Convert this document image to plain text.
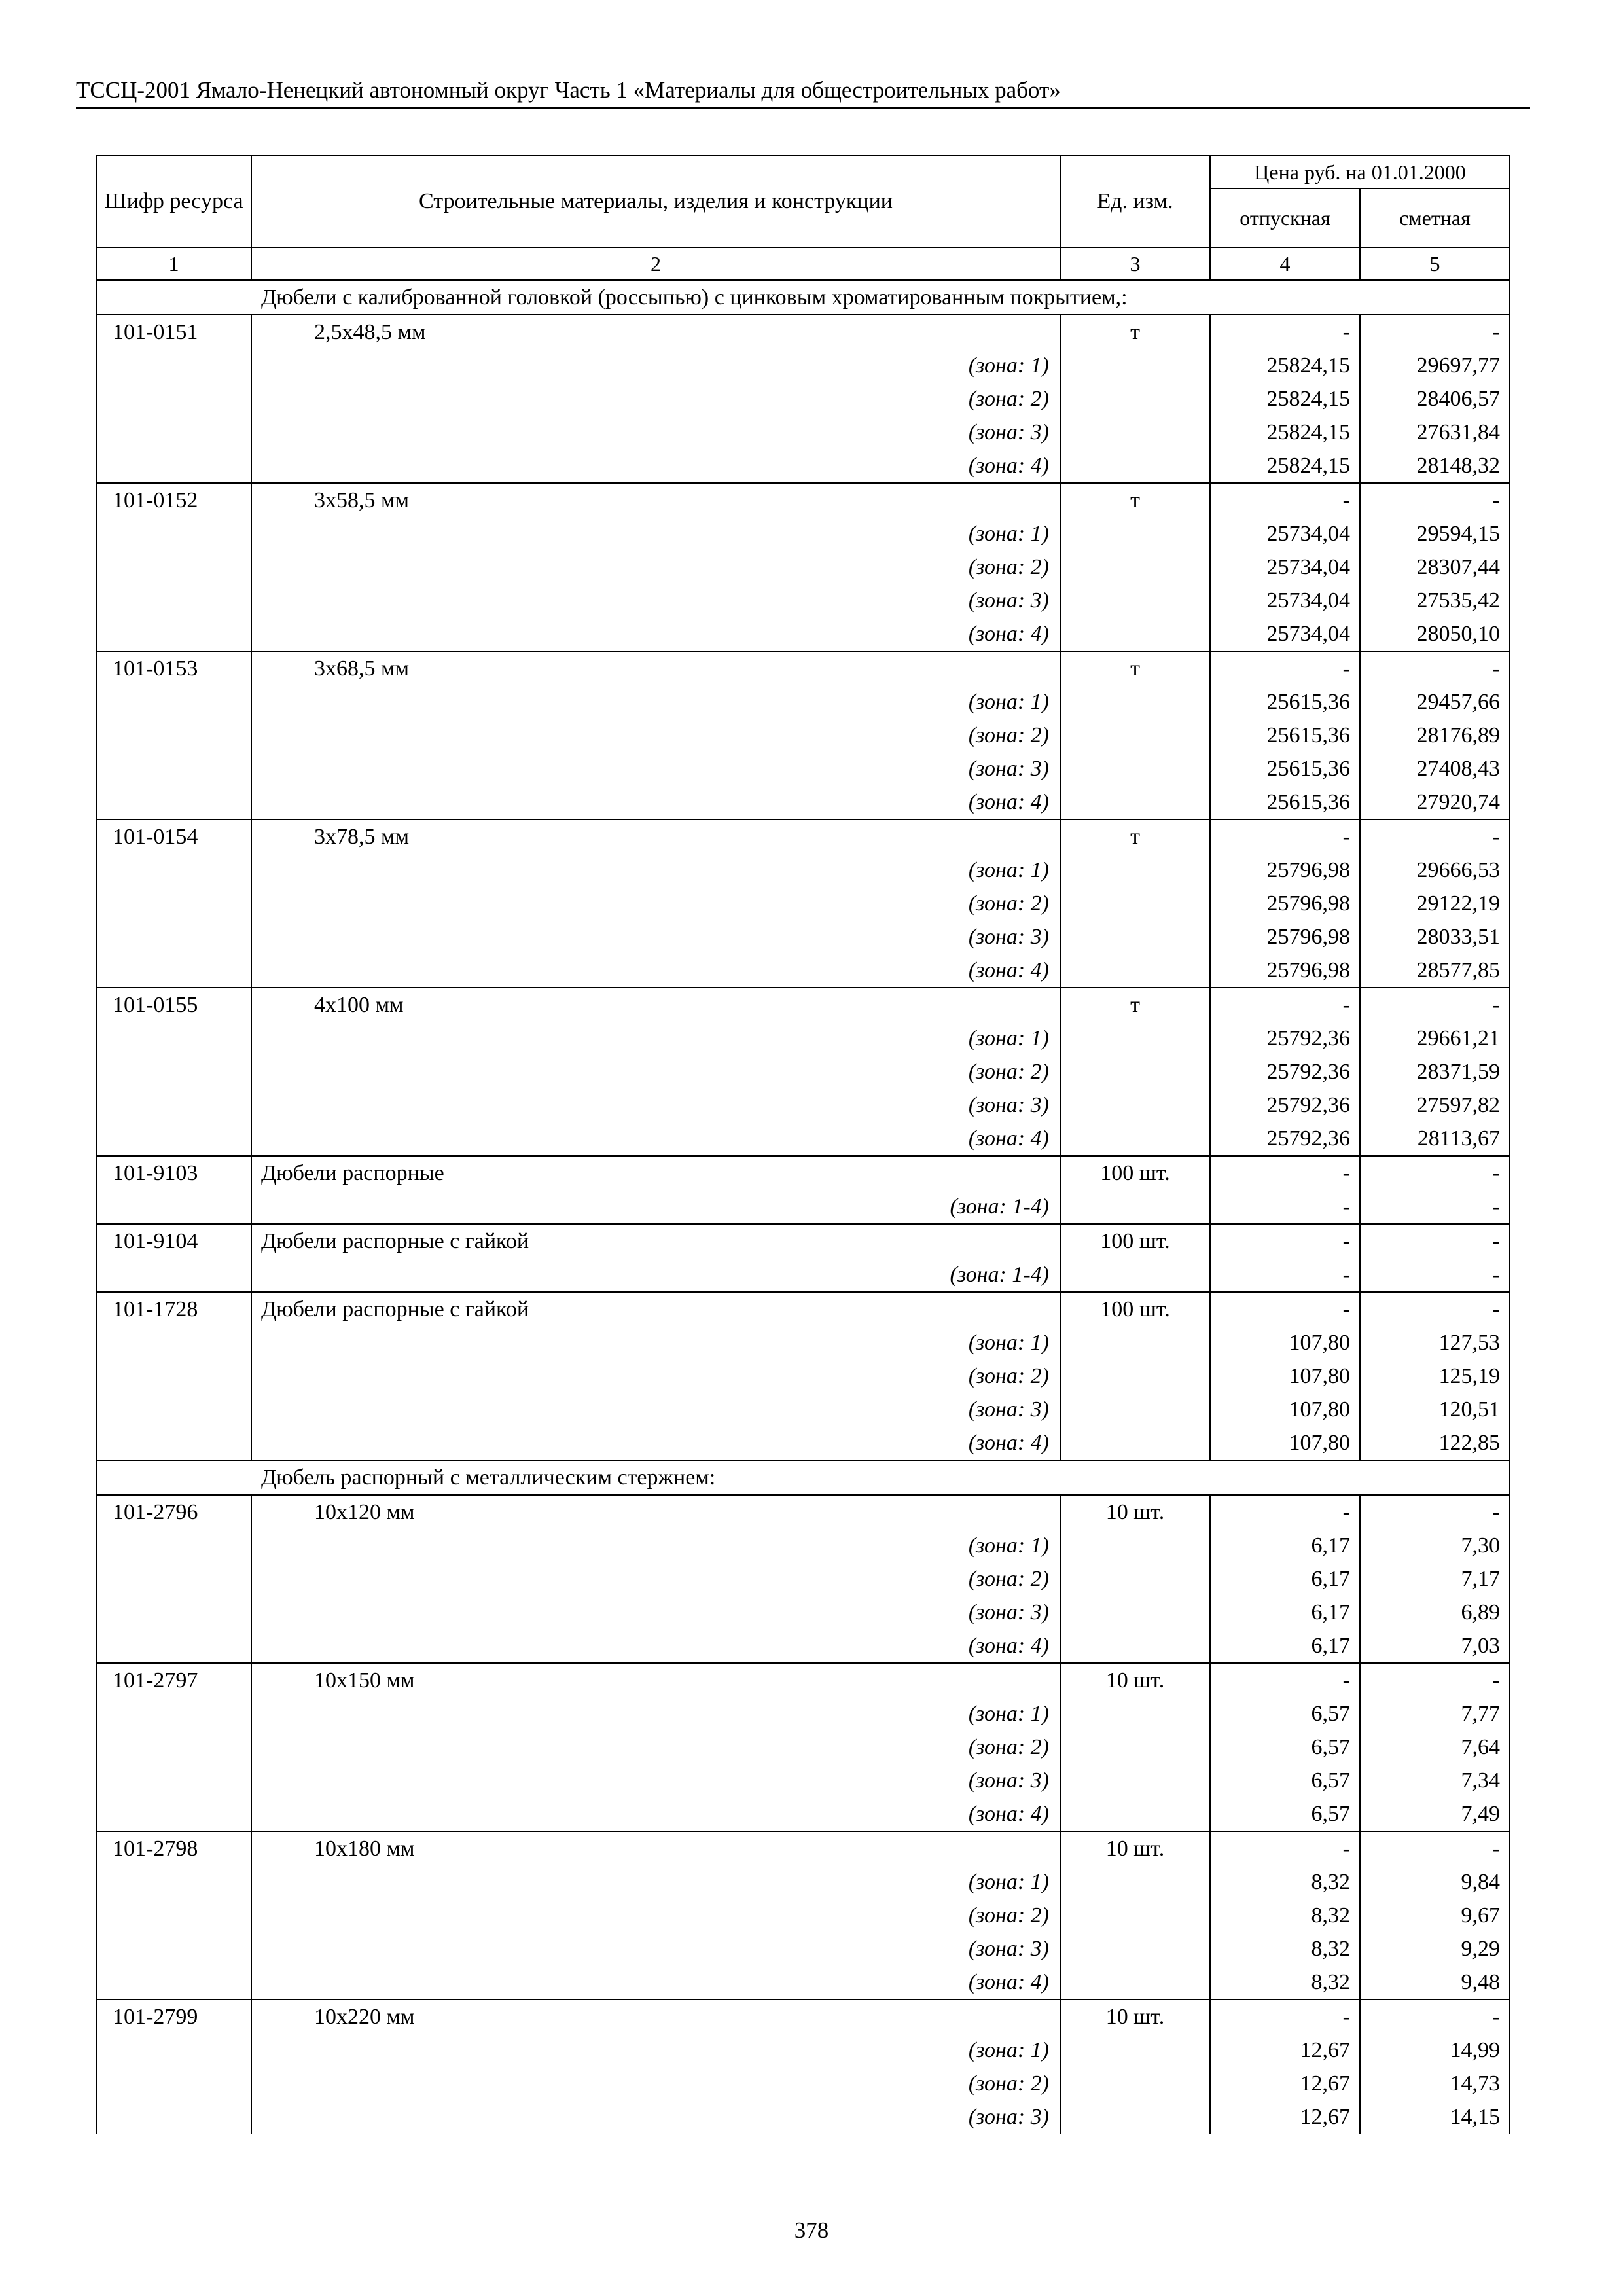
ТССЦ-2001 Ямало-Ненецкий автономный округ Часть 1 «Материалы для общестроительных работ»
Шифр ресурса	Строительные материалы, изделия и конструкции	Ед. изм.	Цена руб. на 01.01.2000	
			отпускная	сметная
1	2	3	4	5
Дюбели с калиброванной головкой (россыпью) с цинковым хроматированным покрытием,:				
101-0151	2,5x48,5 мм	т	-	-
	(зона: 1)		25824,15	29697,77
	(зона: 2)		25824,15	28406,57
	(зона: 3)		25824,15	27631,84
	(зона: 4)		25824,15	28148,32
101-0152	3x58,5 мм	т	-	-
	(зона: 1)		25734,04	29594,15
	(зона: 2)		25734,04	28307,44
	(зона: 3)		25734,04	27535,42
	(зона: 4)		25734,04	28050,10
101-0153	3x68,5 мм	т	-	-
	(зона: 1)		25615,36	29457,66
	(зона: 2)		25615,36	28176,89
	(зона: 3)		25615,36	27408,43
	(зона: 4)		25615,36	27920,74
101-0154	3x78,5 мм	т	-	-
	(зона: 1)		25796,98	29666,53
	(зона: 2)		25796,98	29122,19
	(зона: 3)		25796,98	28033,51
	(зона: 4)		25796,98	28577,85
101-0155	4x100 мм	т	-	-
	(зона: 1)		25792,36	29661,21
	(зона: 2)		25792,36	28371,59
	(зона: 3)		25792,36	27597,82
	(зона: 4)		25792,36	28113,67
101-9103	Дюбели распорные	100 шт.	-	-
	(зона: 1-4)		-	-
101-9104	Дюбели распорные с гайкой	100 шт.	-	-
	(зона: 1-4)		-	-
101-1728	Дюбели распорные с гайкой	100 шт.	-	-
	(зона: 1)		107,80	127,53
	(зона: 2)		107,80	125,19
	(зона: 3)		107,80	120,51
	(зона: 4)		107,80	122,85
Дюбель распорный с металлическим стержнем:				
101-2796	10x120 мм	10 шт.	-	-
	(зона: 1)		6,17	7,30
	(зона: 2)		6,17	7,17
	(зона: 3)		6,17	6,89
	(зона: 4)		6,17	7,03
101-2797	10x150 мм	10 шт.	-	-
	(зона: 1)		6,57	7,77
	(зона: 2)		6,57	7,64
	(зона: 3)		6,57	7,34
	(зона: 4)		6,57	7,49
101-2798	10x180 мм	10 шт.	-	-
	(зона: 1)		8,32	9,84
	(зона: 2)		8,32	9,67
	(зона: 3)		8,32	9,29
	(зона: 4)		8,32	9,48
101-2799	10x220 мм	10 шт.	-	-
	(зона: 1)		12,67	14,99
	(зона: 2)		12,67	14,73
	(зона: 3)		12,67	14,15
378
